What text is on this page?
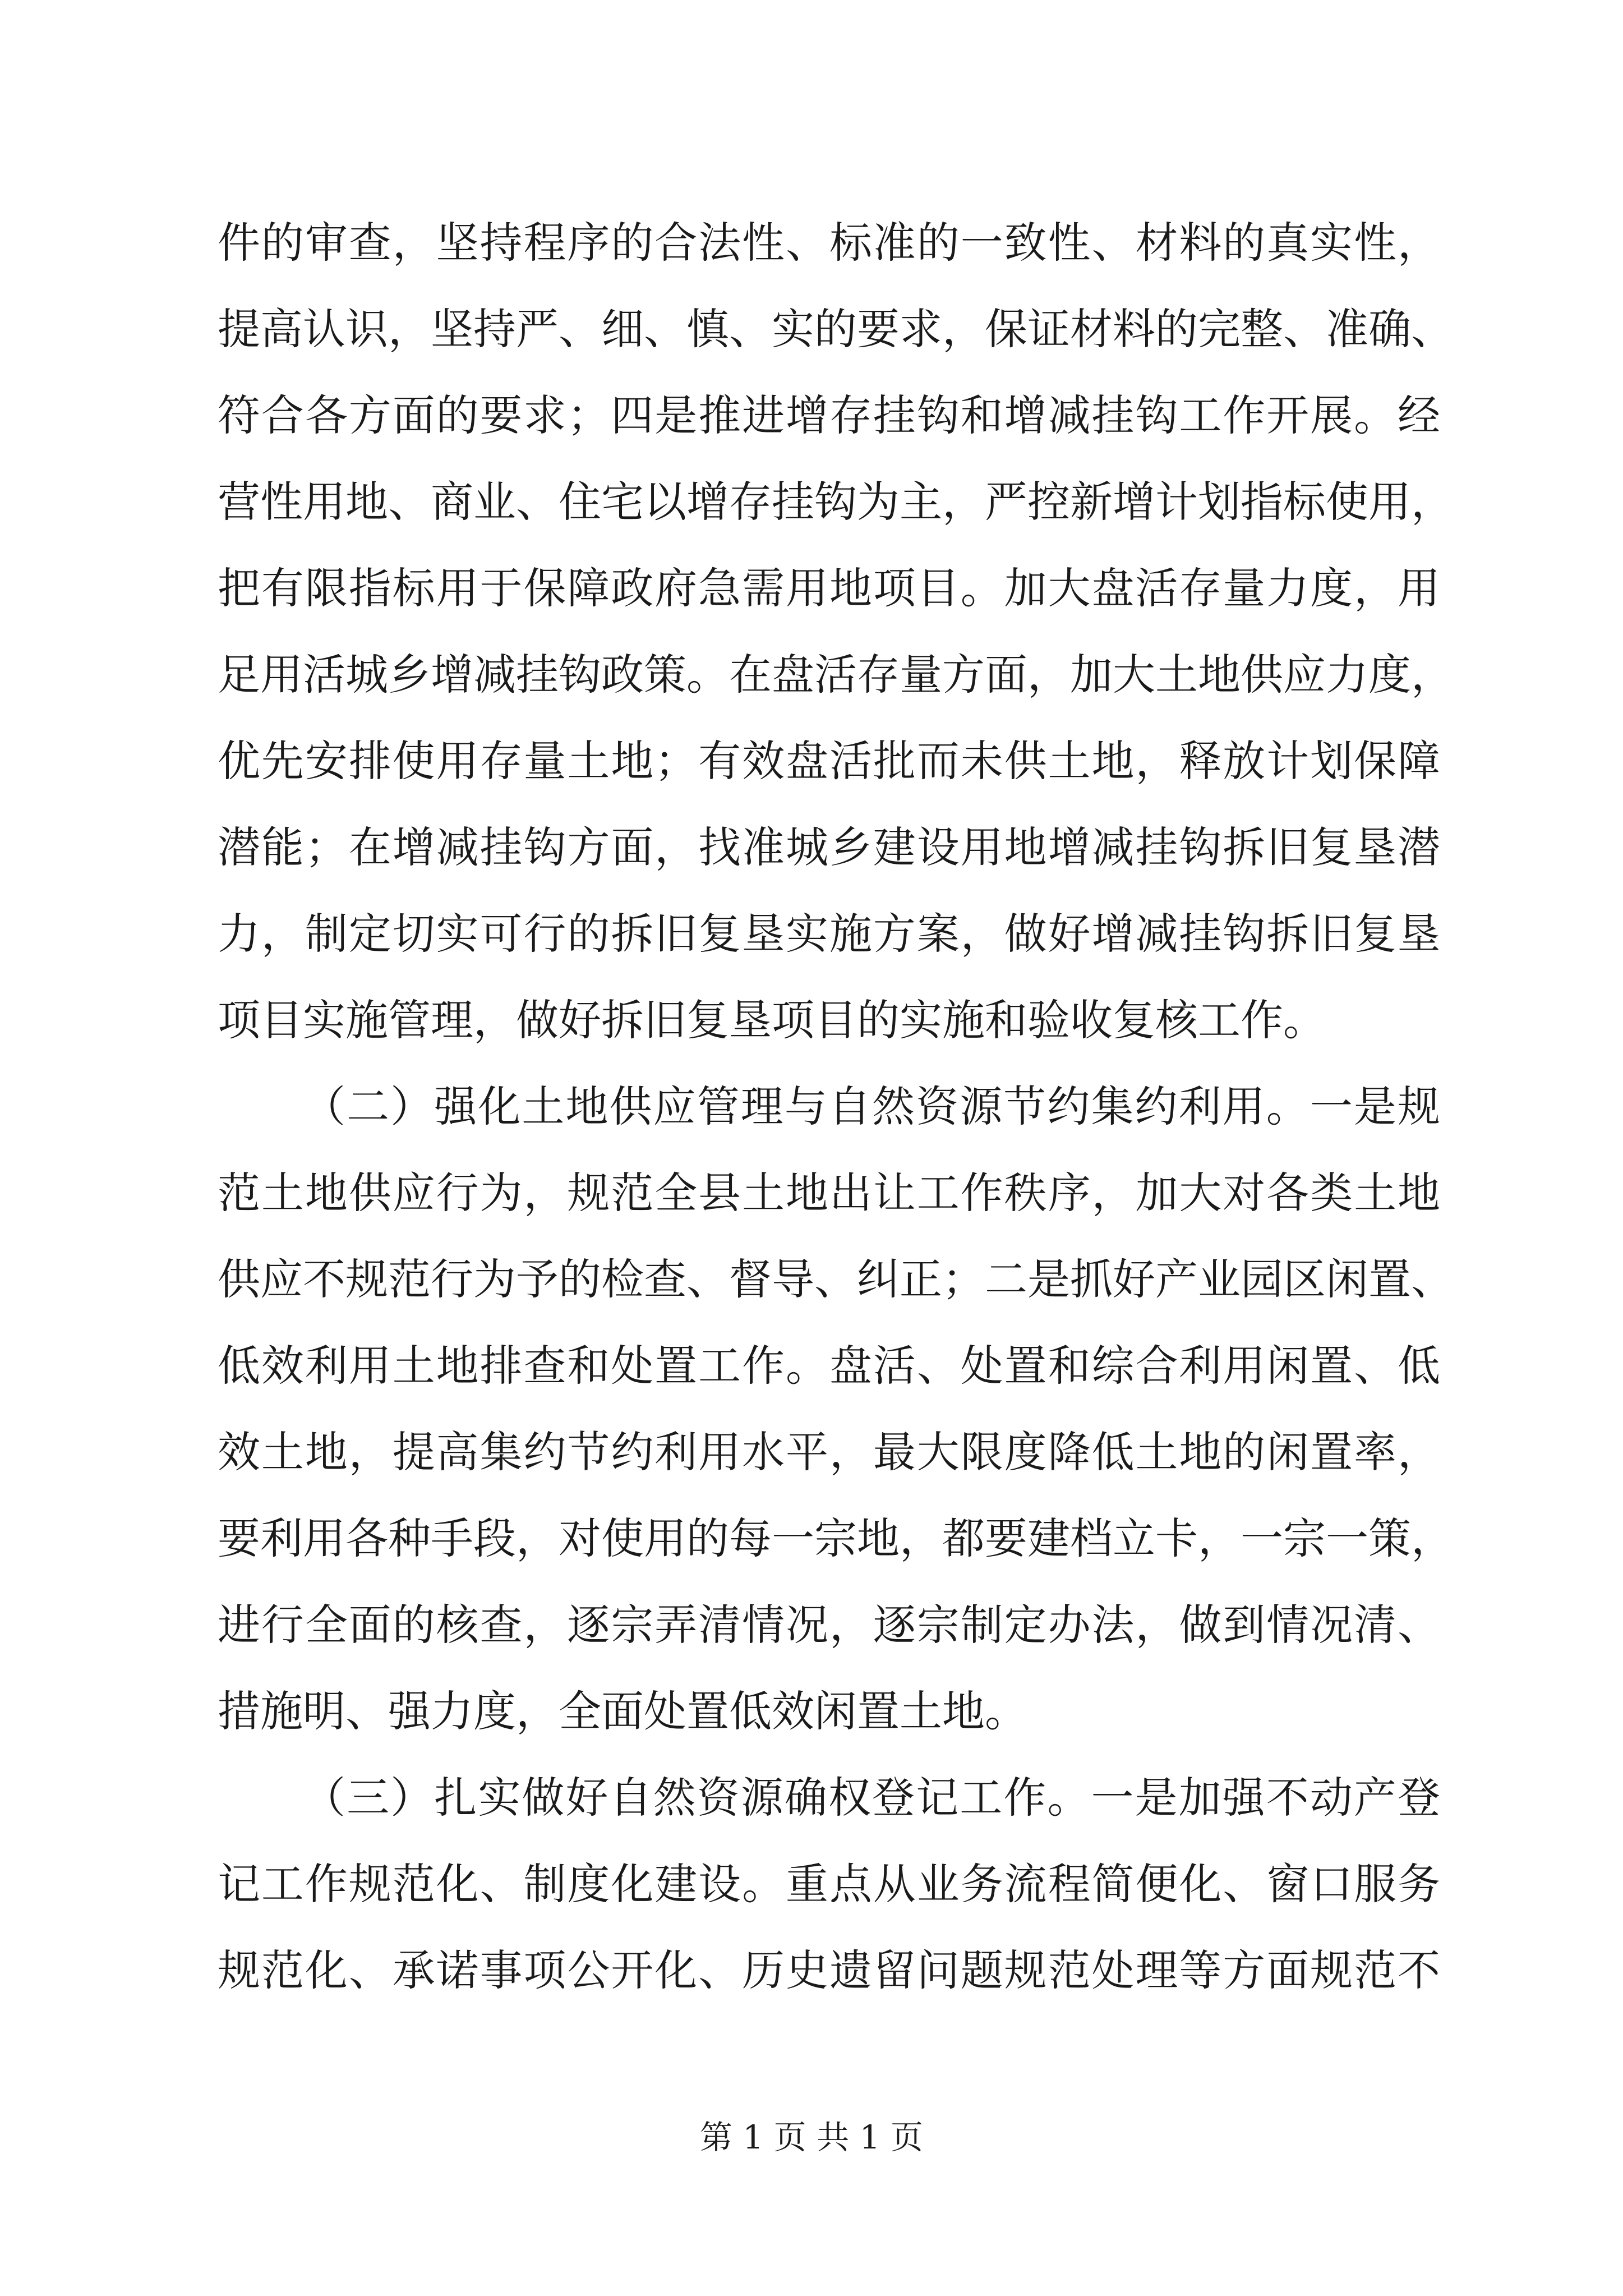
件的审查，坚持程序的合法性、标准的一致性、材料的真实性，
提高认识，坚持严、细、慎、实的要求，保证材料的完整、准确、
符合各方面的要求；四是推进增存挂钩和增减挂钩工作开展。经
营性用地、商业、住宅以增存挂钩为主，严控新增计划指标使用，
把有限指标用于保障政府急需用地项目。加大盘活存量力度，用
足用活城乡增减挂钩政策。在盘活存量方面，加大土地供应力度，
优先安排使用存量土地；有效盘活批而未供土地，释放计划保障
潜能；在增减挂钩方面，找准城乡建设用地增减挂钩拆旧复垦潜
力，制定切实可行的拆旧复垦实施方案，做好增减挂钩拆旧复垦
项目实施管理，做好拆旧复垦项目的实施和验收复核工作。
（二）强化土地供应管理与自然资源节约集约利用。一是规
范土地供应行为，规范全县土地出让工作秩序，加大对各类土地
供应不规范行为予的检查、督导、纠正；二是抓好产业园区闲置、
低效利用土地排查和处置工作。盘活、处置和综合利用闲置、低
效土地，提高集约节约利用水平，最大限度降低土地的闲置率，
要利用各种手段，对使用的每一宗地，都要建档立卡，一宗一策，
进行全面的核查，逐宗弄清情况，逐宗制定办法，做到情况清、
措施明、强力度，全面处置低效闲置土地。
（三）扎实做好自然资源确权登记工作。一是加强不动产登
记工作规范化、制度化建设。重点从业务流程简便化、窗口服务
规范化、承诺事项公开化、历史遗留问题规范处理等方面规范不
第 1 页 共 1 页
